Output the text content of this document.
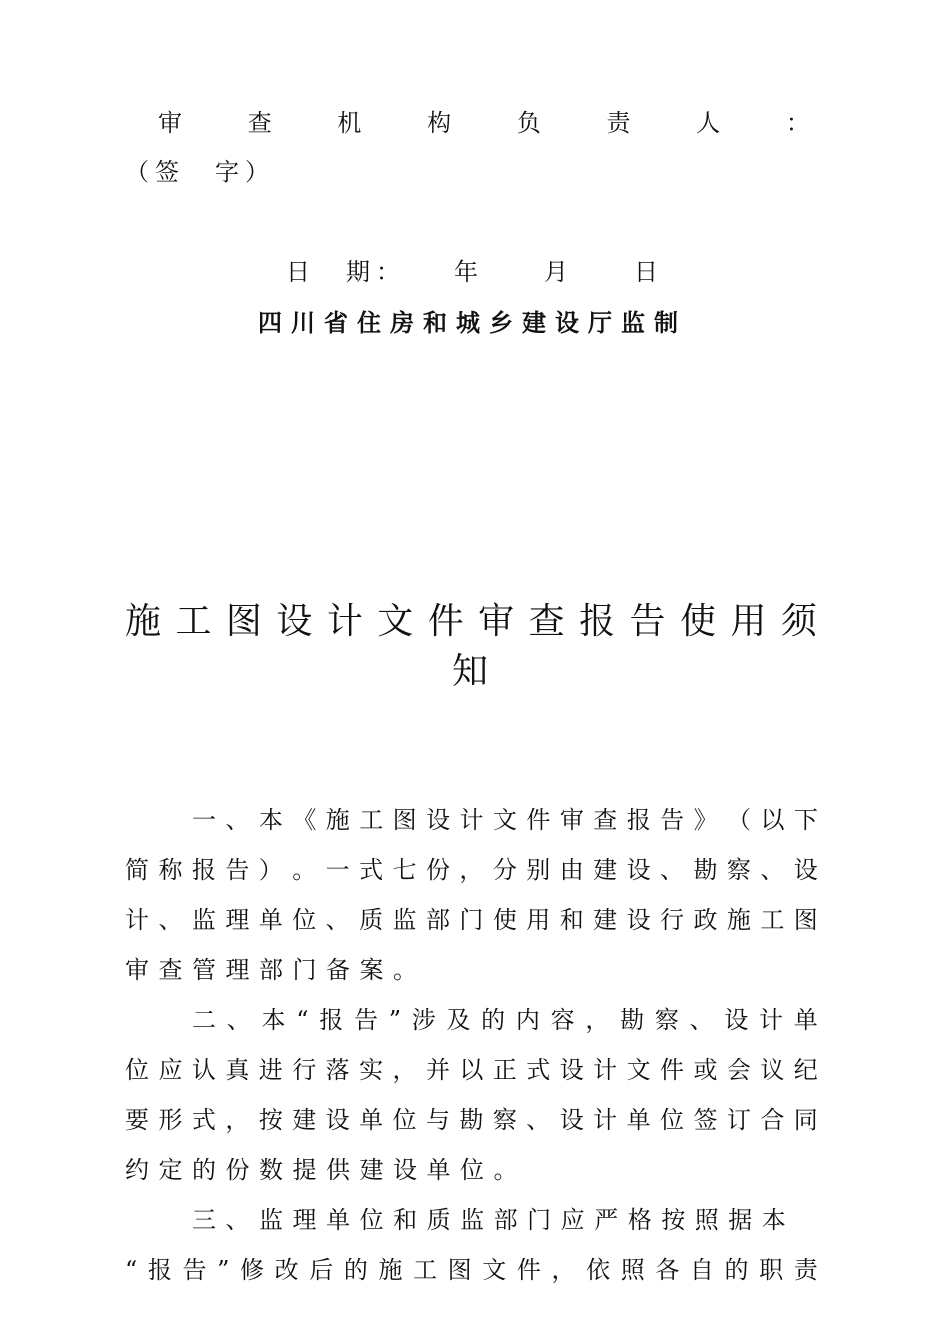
审	查	机	构	负	责	人	：
（签　字）
日　期：　　年　　月　　日
四川省住房和城乡建设厅监制
施 工 图 设 计 文 件 审 查 报 告 使 用 须
知
一 、 本 《 施 工 图 设 计 文 件 审 查 报 告 》 （ 以 下
简 称 报 告 ） 。 一 式 七 份 ， 分 别 由 建 设 、 勘 察 、 设
计 、 监 理 单 位 、 质 监 部 门 使 用 和 建 设 行 政 施 工 图
审查管理部门备案。
二 、 本 “ 报 告 ” 涉 及 的 内 容 ， 勘 察 、 设 计 单
位 应 认 真 进 行 落 实 ， 并 以 正 式 设 计 文 件 或 会 议 纪
要 形 式 ， 按 建 设 单 位 与 勘 察 、 设 计 单 位 签 订 合 同
约定的份数提供建设单位。
三 、 监 理 单 位 和 质 监 部 门 应 严 格 按 照 据 本
“ 报 告 ” 修 改 后 的 施 工 图 文 件 ， 依 照 各 自 的 职 责
